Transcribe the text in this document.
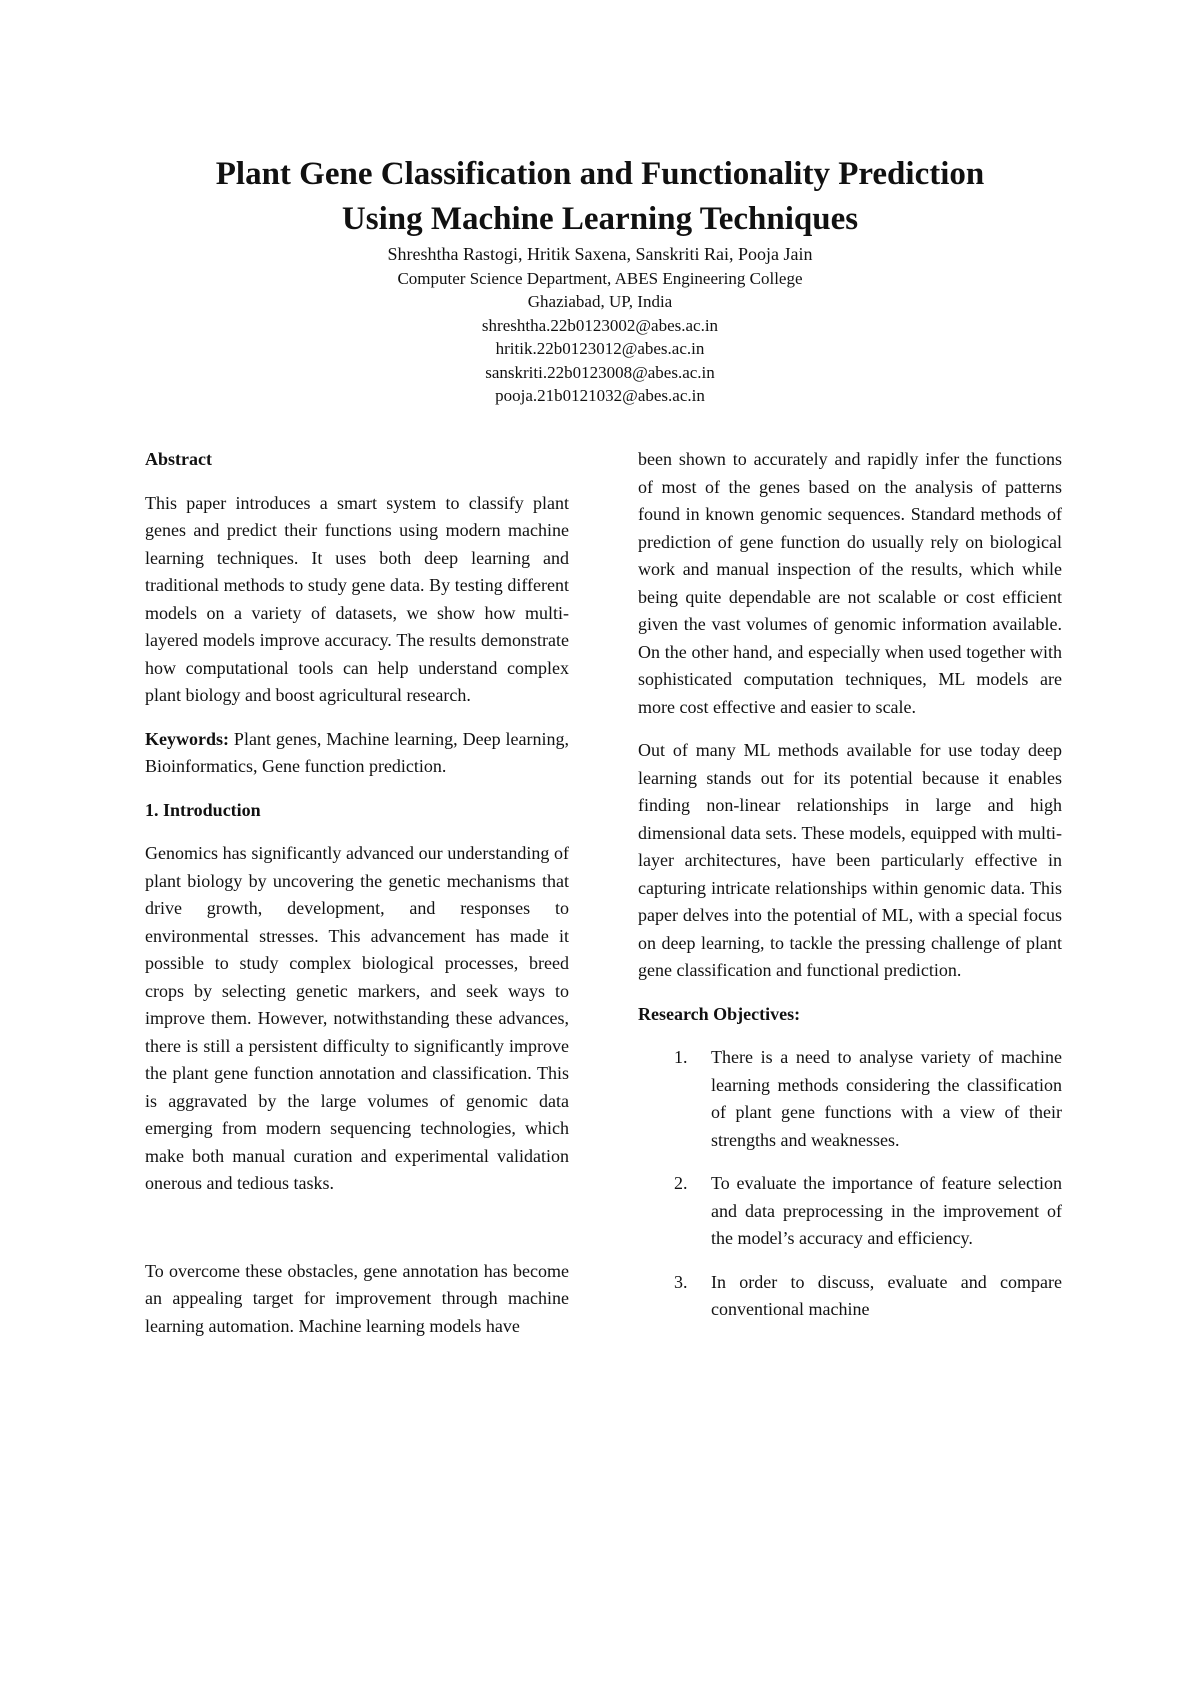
Plant Gene Classification and Functionality Prediction
Using Machine Learning Techniques
Shreshtha Rastogi, Hritik Saxena, Sanskriti Rai, Pooja Jain
Computer Science Department, ABES Engineering College
Ghaziabad, UP, India
shreshtha.22b0123002@abes.ac.in
hritik.22b0123012@abes.ac.in
sanskriti.22b0123008@abes.ac.in
pooja.21b0121032@abes.ac.in

Abstract

This paper introduces a smart system to classify plant genes and predict their functions using modern machine learning techniques. It uses both deep learning and traditional methods to study gene data. By testing different models on a variety of datasets, we show how multi-layered models improve accuracy. The results demonstrate how computational tools can help understand complex plant biology and boost agricultural research.

Keywords: Plant genes, Machine learning, Deep learning, Bioinformatics, Gene function prediction.

1. Introduction

Genomics has significantly advanced our understanding of plant biology by uncovering the genetic mechanisms that drive growth, development, and responses to environmental stresses. This advancement has made it possible to study complex biological processes, breed crops by selecting genetic markers, and seek ways to improve them. However, notwithstanding these advances, there is still a persistent difficulty to significantly improve the plant gene function annotation and classification. This is aggravated by the large volumes of genomic data emerging from modern sequencing technologies, which make both manual curation and experimental validation onerous and tedious tasks.

To overcome these obstacles, gene annotation has become an appealing target for improvement through machine learning automation. Machine learning models have

been shown to accurately and rapidly infer the functions of most of the genes based on the analysis of patterns found in known genomic sequences. Standard methods of prediction of gene function do usually rely on biological work and manual inspection of the results, which while being quite dependable are not scalable or cost efficient given the vast volumes of genomic information available. On the other hand, and especially when used together with sophisticated computation techniques, ML models are more cost effective and easier to scale.

Out of many ML methods available for use today deep learning stands out for its potential because it enables finding non-linear relationships in large and high dimensional data sets. These models, equipped with multi-layer architectures, have been particularly effective in capturing intricate relationships within genomic data. This paper delves into the potential of ML, with a special focus on deep learning, to tackle the pressing challenge of plant gene classification and functional prediction.

Research Objectives:

1. There is a need to analyse variety of machine learning methods considering the classification of plant gene functions with a view of their strengths and weaknesses.
2. To evaluate the importance of feature selection and data preprocessing in the improvement of the model’s accuracy and efficiency.
3. In order to discuss, evaluate and compare conventional machine
